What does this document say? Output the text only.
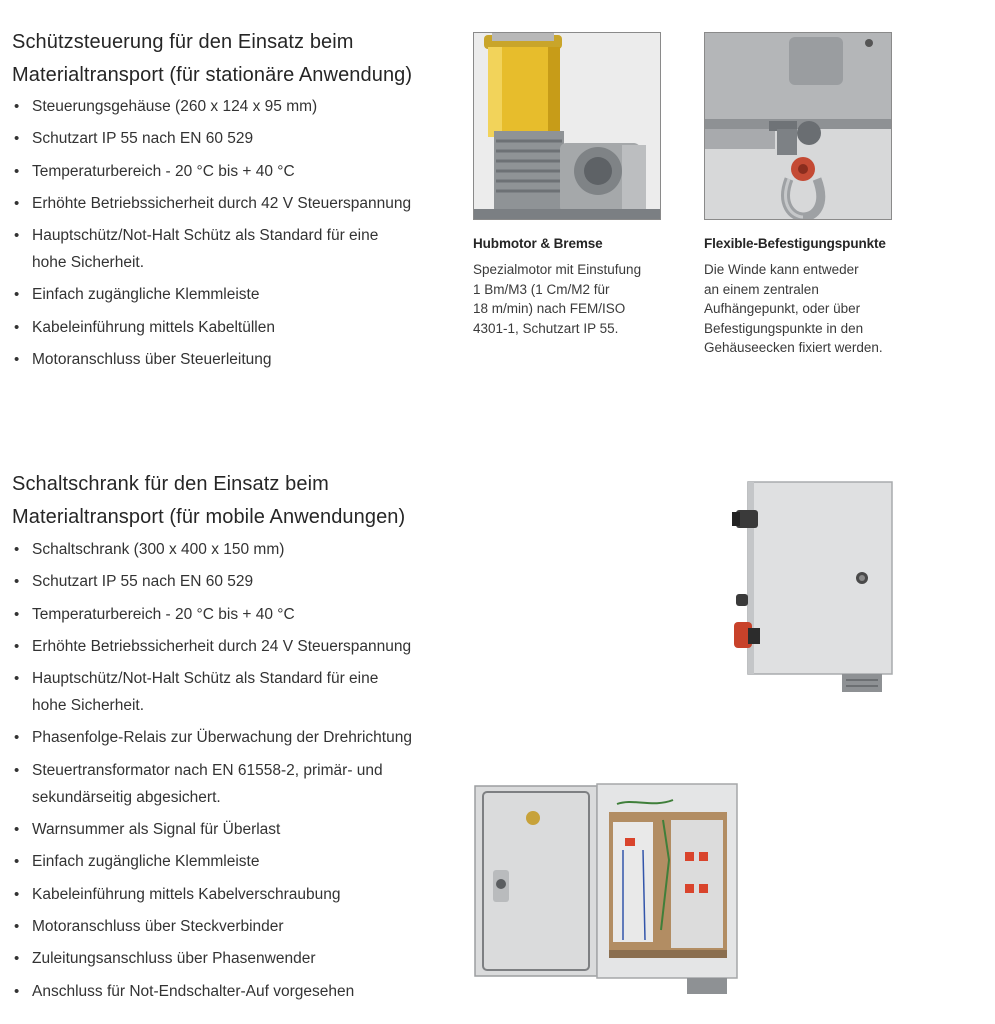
Schützsteuerung für den Einsatz beim
Materialtransport (für stationäre Anwendung)
• Steuerungsgehäuse (260 x 124 x 95 mm)
• Schutzart IP 55 nach EN 60 529
• Temperaturbereich - 20 °C bis + 40 °C
• Erhöhte Betriebssicherheit durch 42 V Steuerspannung
• Hauptschütz/Not-Halt Schütz als Standard für eine
hohe Sicherheit.
• Einfach zugängliche Klemmleiste
• Kabeleinführung mittels Kabeltüllen
• Motoranschluss über Steuerleitung
Hubmotor & Bremse
Spezialmotor mit Einstufung
1 Bm/M3 (1 Cm/M2 für
18 m/min) nach FEM/ISO
4301-1, Schutzart IP 55.
Flexible-Befestigungspunkte
Die Winde kann entweder
an einem zentralen
Aufhängepunkt, oder über
Befestigungspunkte in den
Gehäuseecken fixiert werden.
Schaltschrank für den Einsatz beim
Materialtransport (für mobile Anwendungen)
• Schaltschrank (300 x 400 x 150 mm)
• Schutzart IP 55 nach EN 60 529
• Temperaturbereich - 20 °C bis + 40 °C
• Erhöhte Betriebssicherheit durch 24 V Steuerspannung
• Hauptschütz/Not-Halt Schütz als Standard für eine
hohe Sicherheit.
• Phasenfolge-Relais zur Überwachung der Drehrichtung
• Steuertransformator nach EN 61558-2, primär- und
sekundärseitig abgesichert.
• Warnsummer als Signal für Überlast
• Einfach zugängliche Klemmleiste
• Kabeleinführung mittels Kabelverschraubung
• Motoranschluss über Steckverbinder
• Zuleitungsanschluss über Phasenwender
• Anschluss für Not-Endschalter-Auf vorgesehen
